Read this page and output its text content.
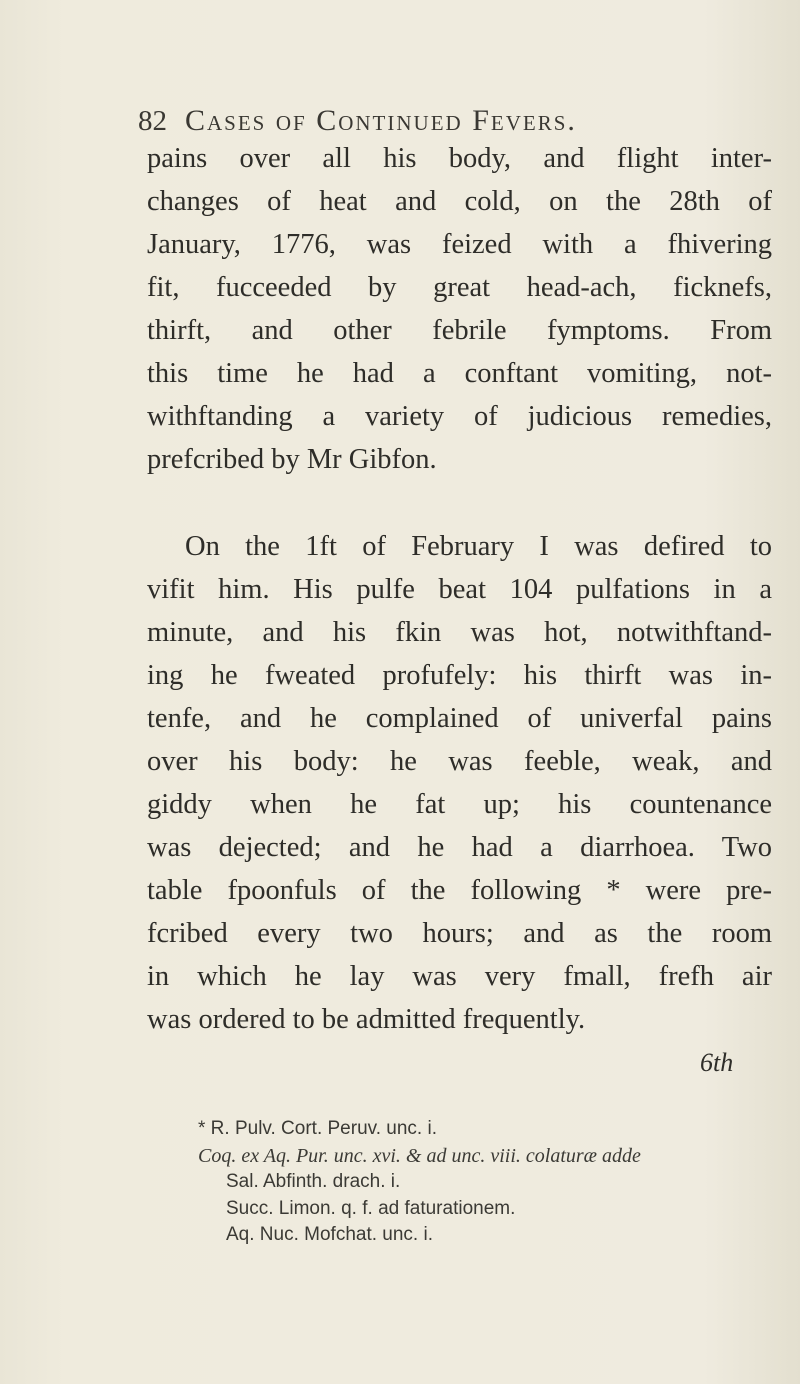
82 Cases of Continued Fevers.
pains over all his body, and flight inter-
changes of heat and cold, on the 28th of
January, 1776, was feized with a fhivering
fit, fucceeded by great head-ach, ficknefs,
thirft, and other febrile fymptoms. From
this time he had a conftant vomiting, not-
withftanding a variety of judicious remedies,
prefcribed by Mr Gibfon.
On the 1ft of February I was defired to
vifit him. His pulfe beat 104 pulfations in a
minute, and his fkin was hot, notwithftand-
ing he fweated profufely: his thirft was in-
tenfe, and he complained of univerfal pains
over his body: he was feeble, weak, and
giddy when he fat up; his countenance
was dejected; and he had a diarrhoea. Two
table fpoonfuls of the following * were pre-
fcribed every two hours; and as the room
in which he lay was very fmall, frefh air
was ordered to be admitted frequently.
6th
* R. Pulv. Cort. Peruv. unc. i.
Coq. ex Aq. Pur. unc. xvi. & ad unc. viii. colaturæ adde
Sal. Abfinth. drach. i.
Succ. Limon. q. f. ad faturationem.
Aq. Nuc. Mofchat. unc. i.
